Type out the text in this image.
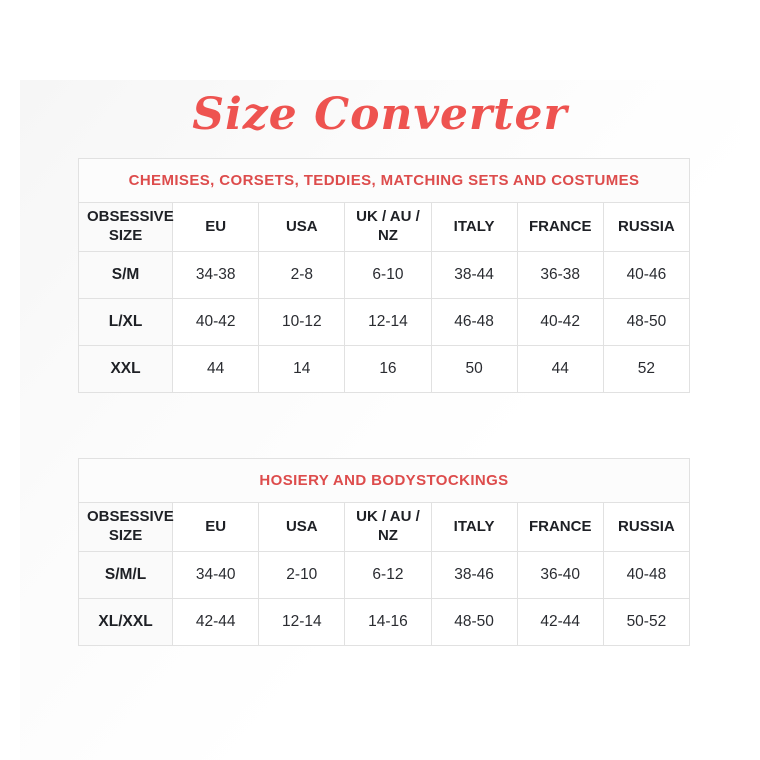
Size Converter
CHEMISES, CORSETS, TEDDIES, MATCHING SETS AND COSTUMES						
OBSESSIVE SIZE	EU	USA	UK / AU / NZ	ITALY	FRANCE	RUSSIA
S/M	34-38	2-8	6-10	38-44	36-38	40-46
L/XL	40-42	10-12	12-14	46-48	40-42	48-50
XXL	44	14	16	50	44	52
HOSIERY AND BODYSTOCKINGS						
OBSESSIVE SIZE	EU	USA	UK / AU / NZ	ITALY	FRANCE	RUSSIA
S/M/L	34-40	2-10	6-12	38-46	36-40	40-48
XL/XXL	42-44	12-14	14-16	48-50	42-44	50-52
